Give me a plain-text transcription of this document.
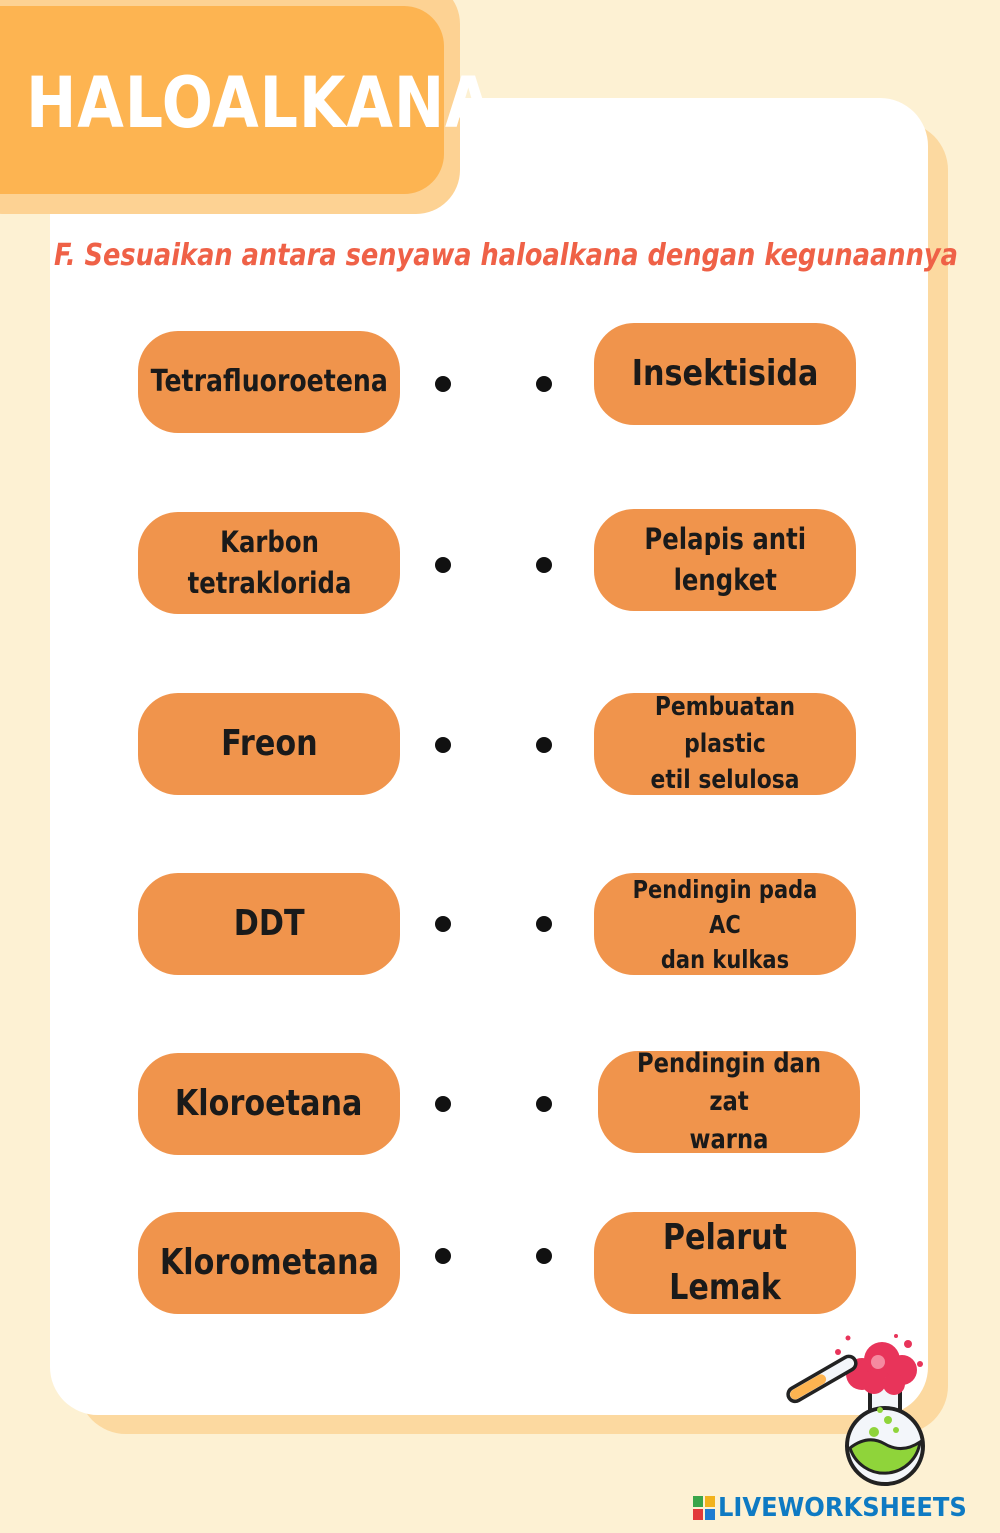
HALOALKANA
F. Sesuaikan antara senyawa haloalkana dengan kegunaannya
Tetrafluoroetena
Karbon
tetraklorida
Freon
DDT
Kloroetana
Klorometana
Insektisida
Pelapis anti
lengket
Pembuatan plastic
etil selulosa
Pendingin pada AC
dan kulkas
Pendingin dan zat
warna
Pelarut Lemak
LIVEWORKSHEETS
